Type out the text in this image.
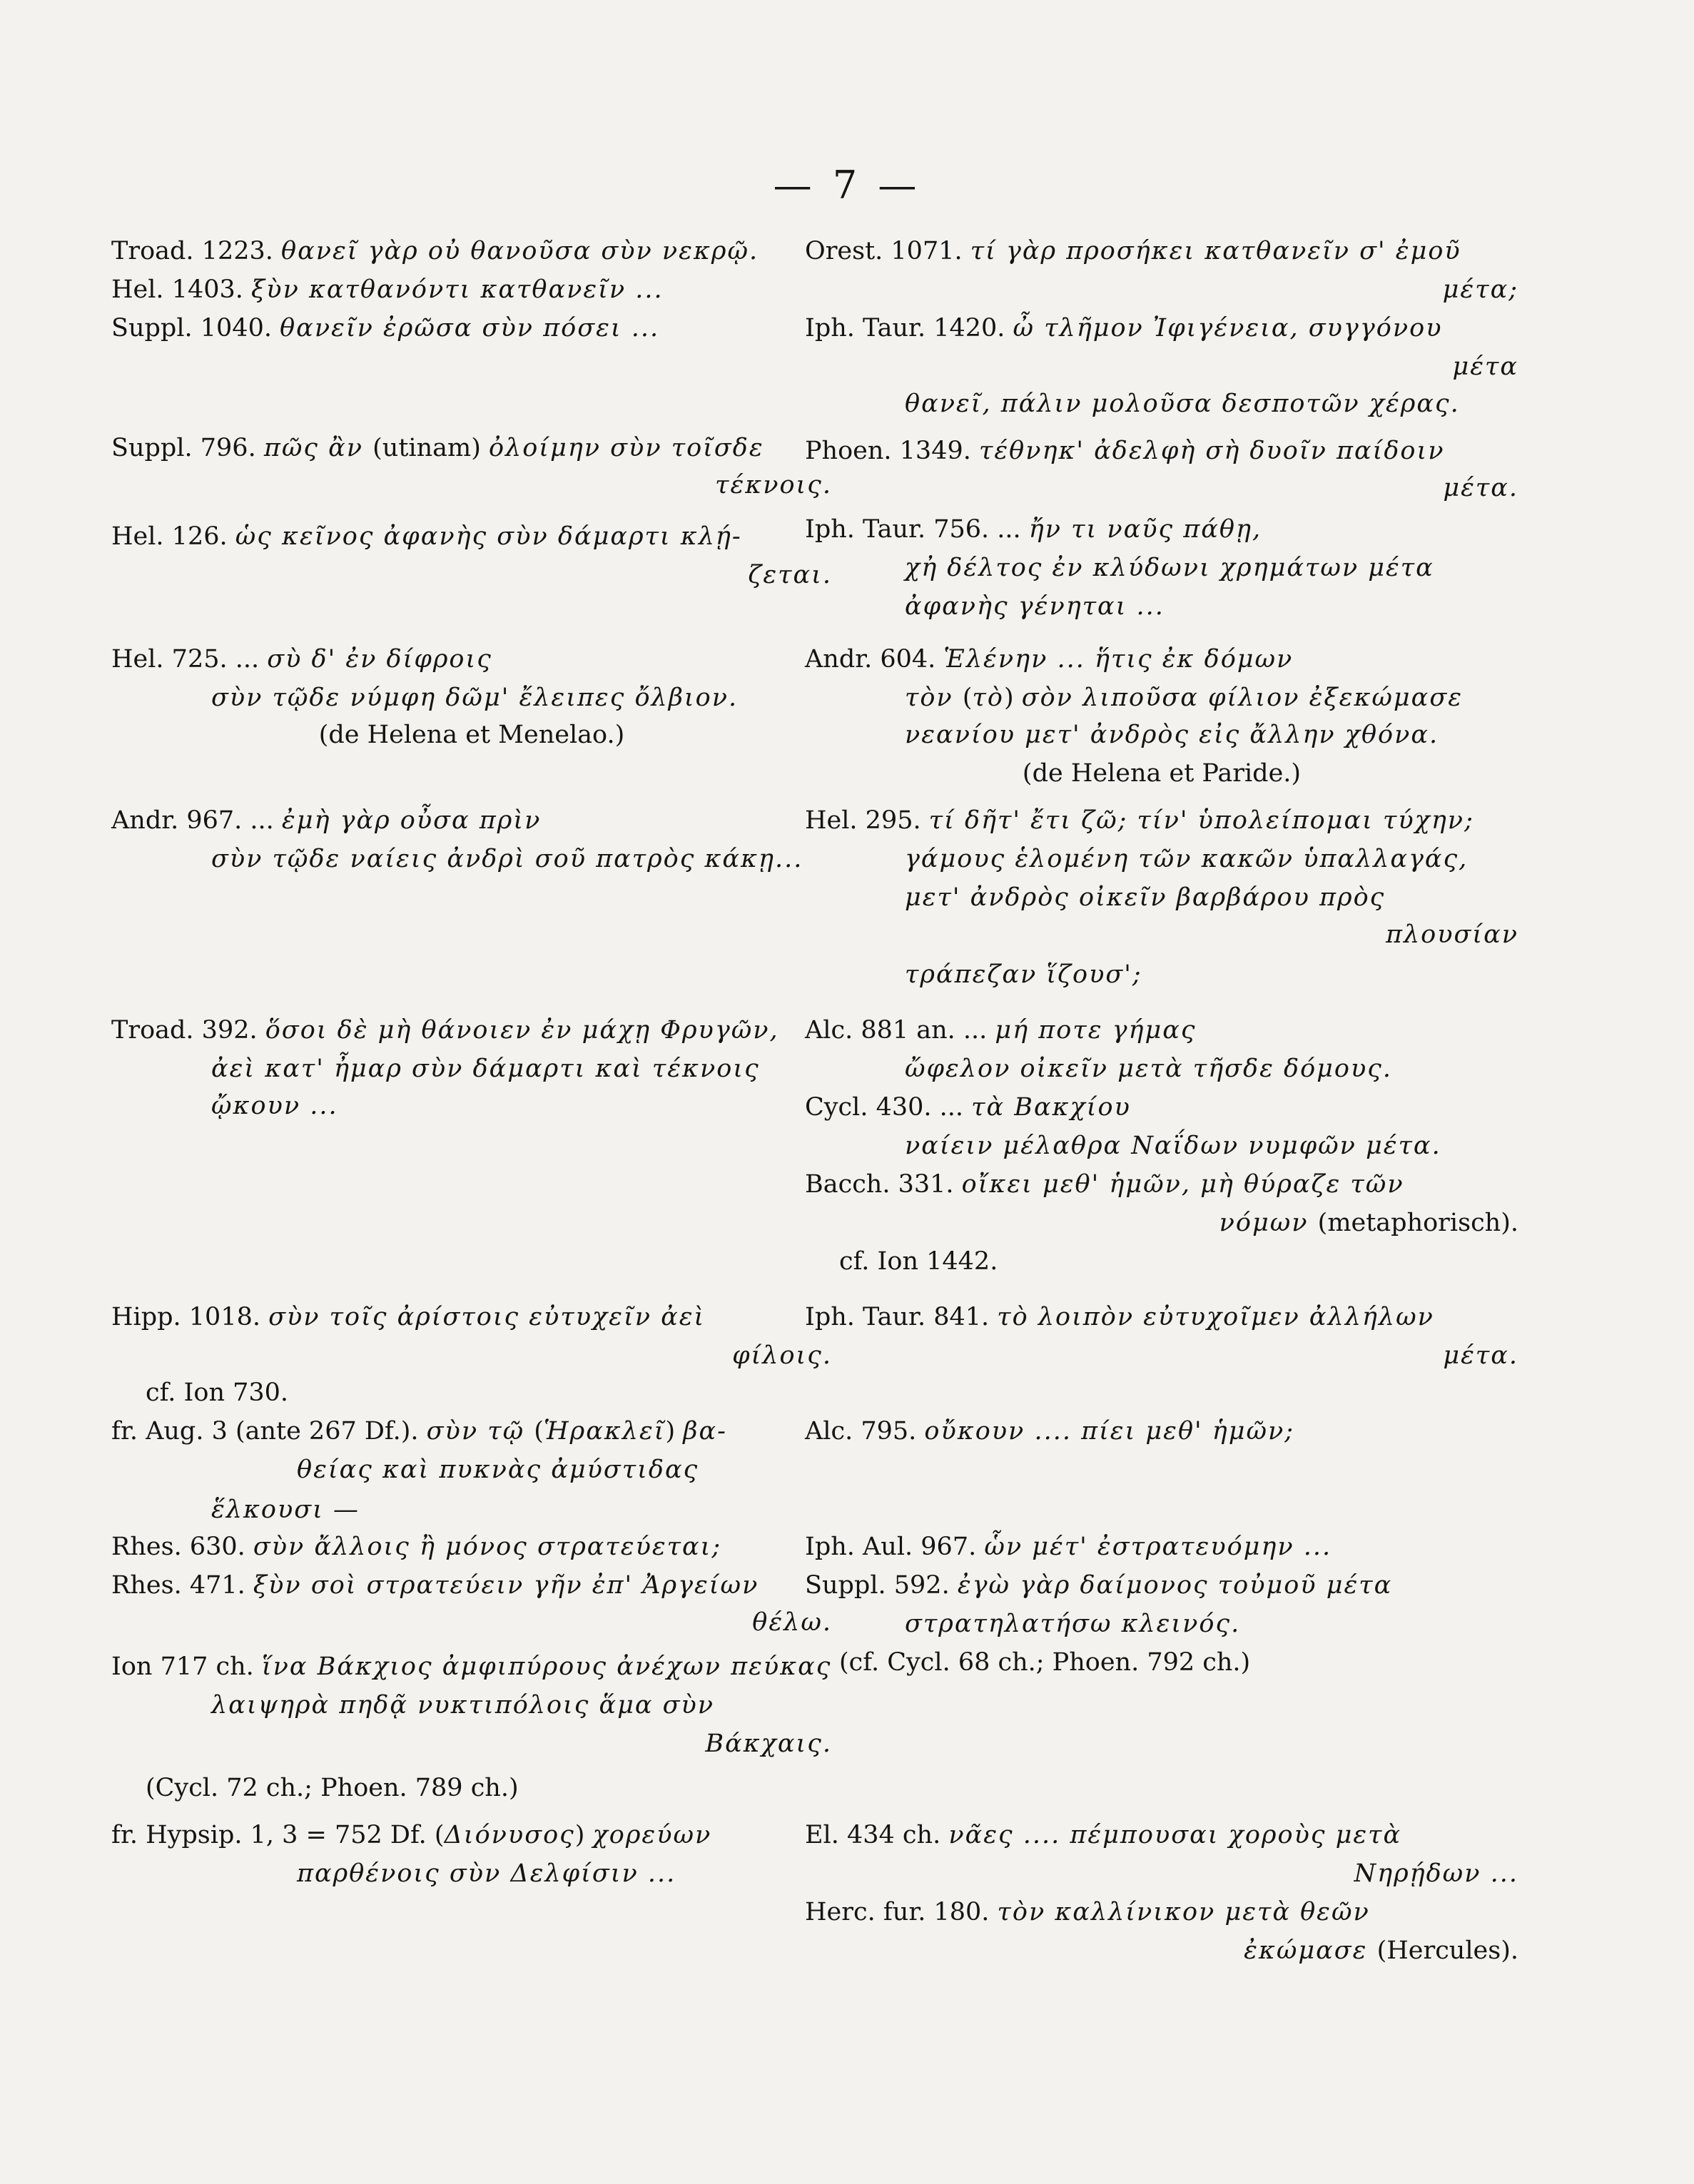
— 7 —
Troad. 1223. θανεῖ γὰρ οὐ θανοῦσα σὺν νεκρῷ.
Hel. 1403. ξὺν κατθανόντι κατθανεῖν ...
Suppl. 1040. θανεῖν ἐρῶσα σὺν πόσει ...
Suppl. 796. πῶς ἂν (utinam) ὀλοίμην σὺν τοῖσδε
τέκνοις.
Hel. 126. ὡς κεῖνος ἀφανὴς σὺν δάμαρτι κλῄ-
ζεται.
Hel. 725. ... σὺ δ' ἐν δίφροις
σὺν τῷδε νύμφη δῶμ' ἔλειπες ὄλβιον.
(de Helena et Menelao.)
Andr. 967. ... ἐμὴ γὰρ οὖσα πρὶν
σὺν τῷδε ναίεις ἀνδρὶ σοῦ πατρὸς κάκῃ...
Troad. 392. ὅσοι δὲ μὴ θάνοιεν ἐν μάχῃ Φρυγῶν,
ἀεὶ κατ' ἦμαρ σὺν δάμαρτι καὶ τέκνοις
ᾤκουν ...
Hipp. 1018. σὺν τοῖς ἀρίστοις εὐτυχεῖν ἀεὶ
φίλοις.
cf. Ion 730.
fr. Aug. 3 (ante 267 Df.). σὺν τῷ (Ἡρακλεῖ) βα-
θείας καὶ πυκνὰς ἀμύστιδας
ἕλκουσι —
Rhes. 630. σὺν ἄλλοις ἢ μόνος στρατεύεται;
Rhes. 471. ξὺν σοὶ στρατεύειν γῆν ἐπ' Ἀργείων
θέλω.
Ion 717 ch. ἵνα Βάκχιος ἀμφιπύρους ἀνέχων πεύκας
λαιψηρὰ πηδᾷ νυκτιπόλοις ἅμα σὺν
Βάκχαις.
(Cycl. 72 ch.; Phoen. 789 ch.)
fr. Hypsip. 1, 3 = 752 Df. (Διόνυσος) χορεύων
παρθένοις σὺν Δελφίσιν ...
Orest. 1071. τί γὰρ προσήκει κατθανεῖν σ' ἐμοῦ
μέτα;
Iph. Taur. 1420. ὦ τλῆμον Ἰφιγένεια, συγγόνου
μέτα
θανεῖ, πάλιν μολοῦσα δεσποτῶν χέρας.
Phoen. 1349. τέθνηκ' ἀδελφὴ σὴ δυοῖν παίδοιν
μέτα.
Iph. Taur. 756. ... ἤν τι ναῦς πάθῃ,
χἠ δέλτος ἐν κλύδωνι χρημάτων μέτα
ἀφανὴς γένηται ...
Andr. 604. Ἑλένην ... ἥτις ἐκ δόμων
τὸν (τὸ) σὸν λιποῦσα φίλιον ἐξεκώμασε
νεανίου μετ' ἀνδρὸς εἰς ἄλλην χθόνα.
(de Helena et Paride.)
Hel. 295. τί δῆτ' ἔτι ζῶ; τίν' ὑπολείπομαι τύχην;
γάμους ἑλομένη τῶν κακῶν ὑπαλλαγάς,
μετ' ἀνδρὸς οἰκεῖν βαρβάρου πρὸς
πλουσίαν
τράπεζαν ἵζουσ';
Alc. 881 an. ... μή ποτε γήμας
ὤφελον οἰκεῖν μετὰ τῆσδε δόμους.
Cycl. 430. ... τὰ Βακχίου
ναίειν μέλαθρα Ναΐδων νυμφῶν μέτα.
Bacch. 331. οἴκει μεθ' ἡμῶν, μὴ θύραζε τῶν
νόμων (metaphorisch).
cf. Ion 1442.
Iph. Taur. 841. τὸ λοιπὸν εὐτυχοῖμεν ἀλλήλων
μέτα.
Alc. 795. οὔκουν .... πίει μεθ' ἡμῶν;
Iph. Aul. 967. ὧν μέτ' ἐστρατευόμην ...
Suppl. 592. ἐγὼ γὰρ δαίμονος τοὐμοῦ μέτα
στρατηλατήσω κλεινός.
(cf. Cycl. 68 ch.; Phoen. 792 ch.)
El. 434 ch. νᾶες .... πέμπουσαι χοροὺς μετὰ
Νηρῄδων ...
Herc. fur. 180. τὸν καλλίνικον μετὰ θεῶν
ἐκώμασε (Hercules).
